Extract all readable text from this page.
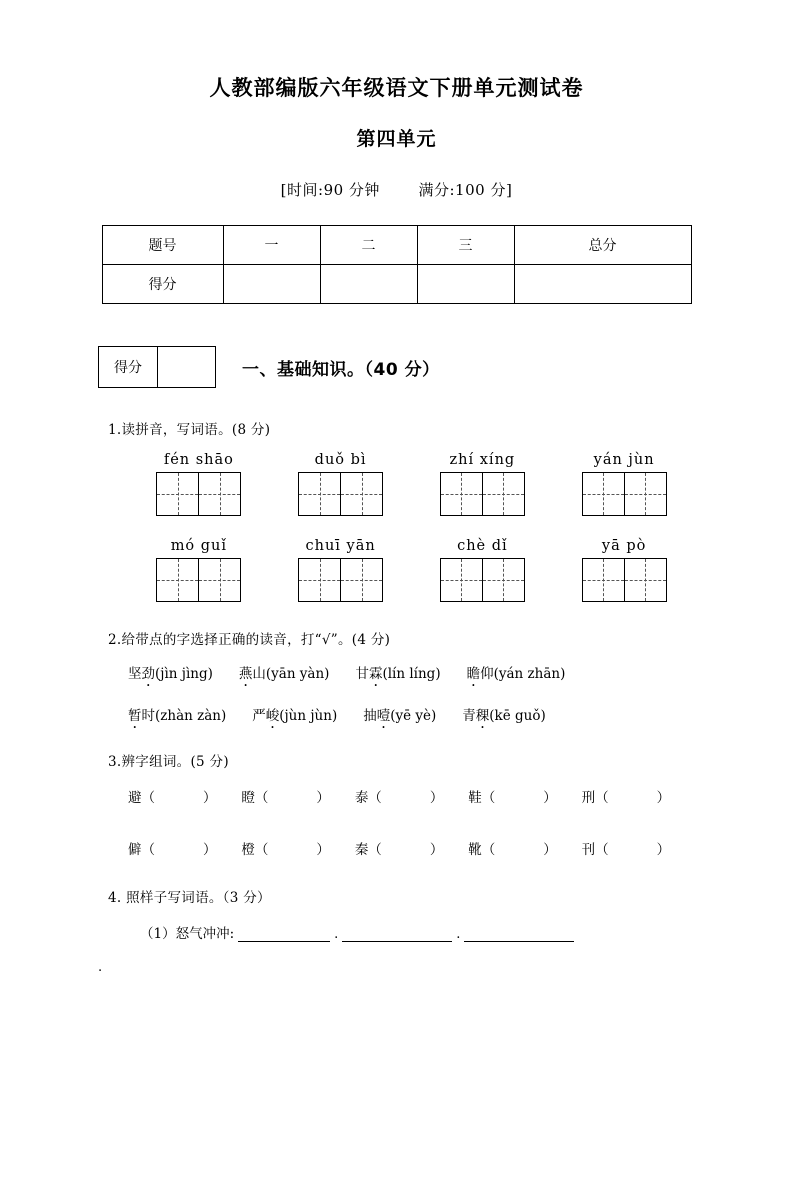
人教部编版六年级语文下册单元测试卷
第四单元
[时间:90 分钟	满分:100 分]
题号	一	二	三	总分
得分				
得分	一、基础知识。（40 分）
1.读拼音，写词语。(8 分)
fén shāo	duǒ bì	zhí xíng	yán jùn
mó guǐ	chuī yān	chè dǐ	yā pò
2.给带点的字选择正确的读音，打“√”。(4 分)
坚劲(jìn jìng) 燕山(yān yàn) 甘霖(lín líng) 瞻仰(yán zhān)
暂时(zhàn zàn) 严峻(jùn jùn) 抽噎(yē yè) 青稞(kē guǒ)
3.辨字组词。(5 分)
避（	）	瞪（	）	泰（	）	鞋（	）	刑（	）
.
僻（	）	橙（	）	秦（	）	靴（	）	刊（	）
4. 照样子写词语。（3 分）
（1）怒气冲冲:	.	.
